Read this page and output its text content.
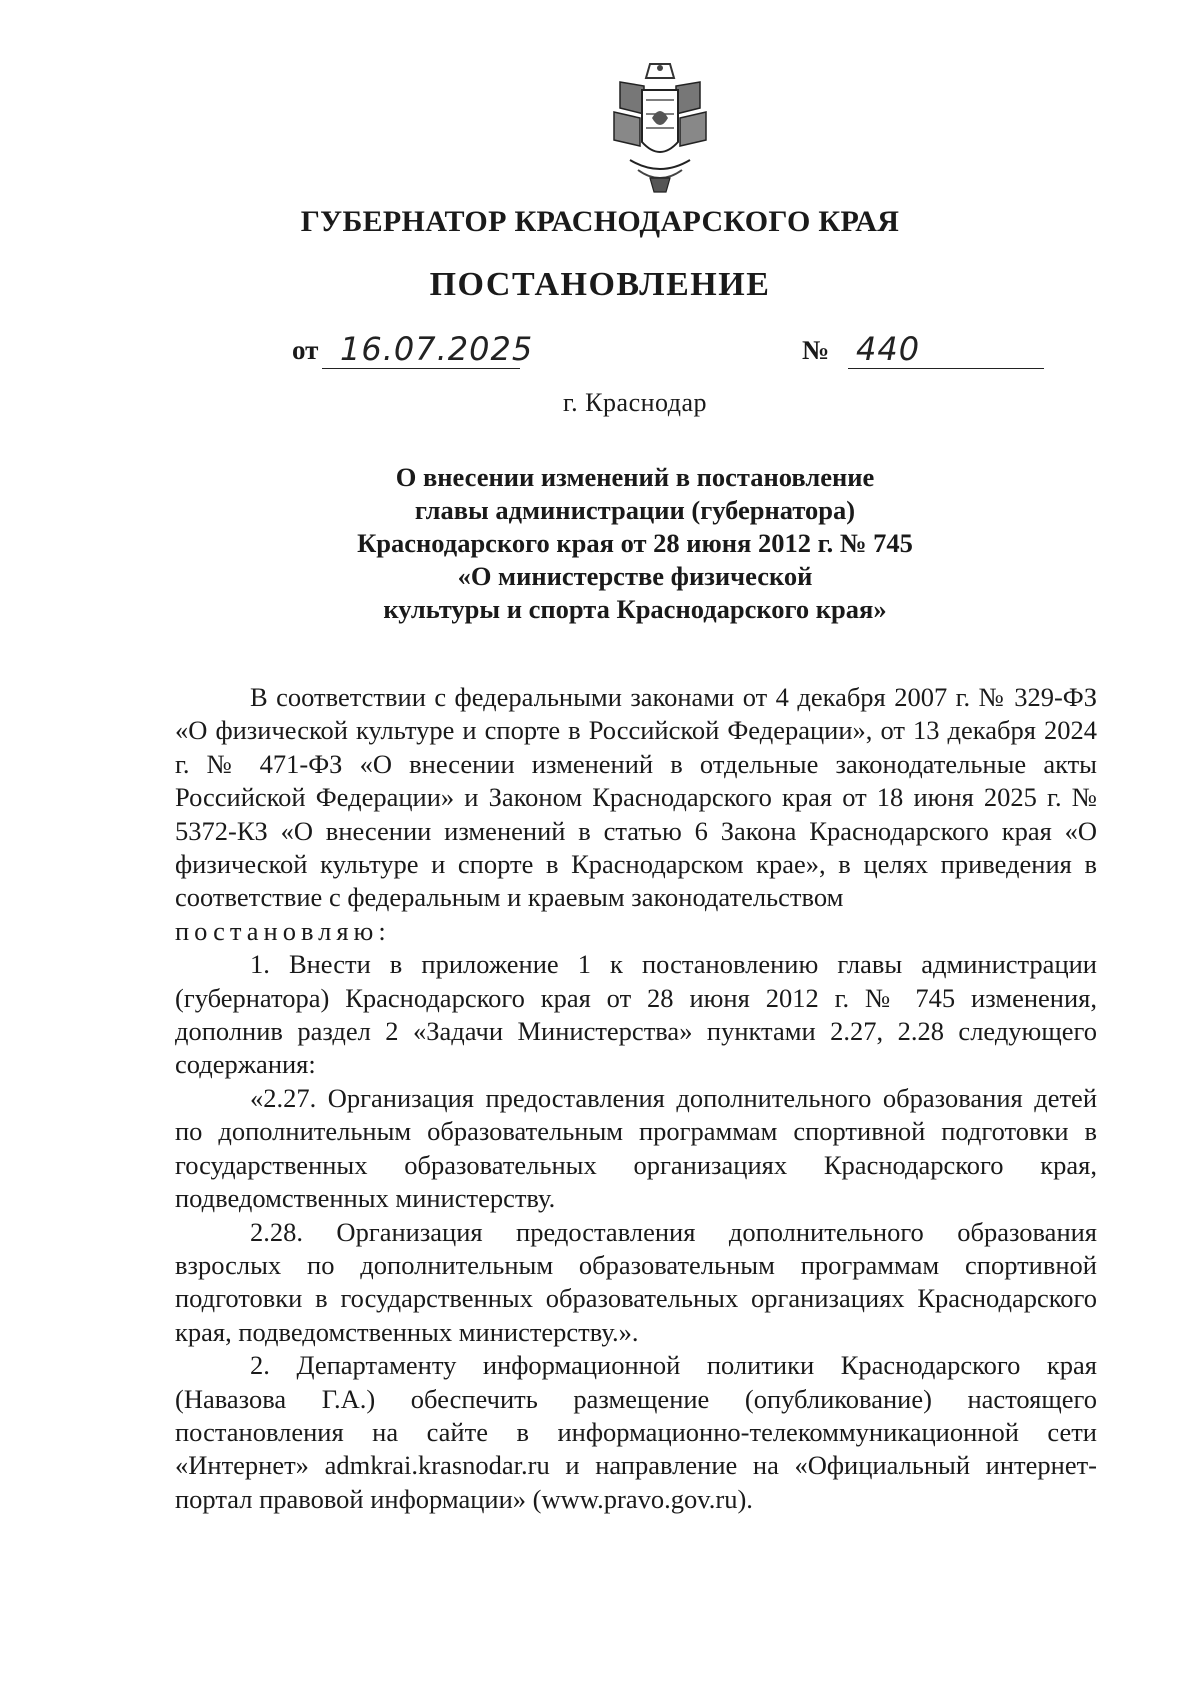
ГУБЕРНАТОР КРАСНОДАРСКОГО КРАЯ
ПОСТАНОВЛЕНИЕ
от 16.07.2025	№ 440
г. Краснодар
О внесении изменений в постановление
главы администрации (губернатора)
Краснодарского края от 28 июня 2012 г. № 745
«О министерстве физической
культуры и спорта Краснодарского края»

В соответствии с федеральными законами от 4 декабря 2007 г. № 329-ФЗ «О физической культуре и спорте в Российской Федерации», от 13 декабря 2024 г. № 471-ФЗ «О внесении изменений в отдельные законодательные акты Российской Федерации» и Законом Краснодарского края от 18 июня 2025 г. № 5372-КЗ «О внесении изменений в статью 6 Закона Краснодарского края «О физической культуре и спорте в Краснодарском крае», в целях приведения в соответствие с федеральным и краевым законодательством

постановляю:

1. Внести в приложение 1 к постановлению главы администрации (губернатора) Краснодарского края от 28 июня 2012 г. № 745 изменения, дополнив раздел 2 «Задачи Министерства» пунктами 2.27, 2.28 следующего содержания:

«2.27. Организация предоставления дополнительного образования детей по дополнительным образовательным программам спортивной подготовки в государственных образовательных организациях Краснодарского края, подведомственных министерству.

2.28. Организация предоставления дополнительного образования взрослых по дополнительным образовательным программам спортивной подготовки в государственных образовательных организациях Краснодарского края, подведомственных министерству.».

2. Департаменту информационной политики Краснодарского края (Навазова Г.А.) обеспечить размещение (опубликование) настоящего постановления на сайте в информационно-телекоммуникационной сети «Интернет» admkrai.krasnodar.ru и направление на «Официальный интернет-портал правовой информации» (www.pravo.gov.ru).
